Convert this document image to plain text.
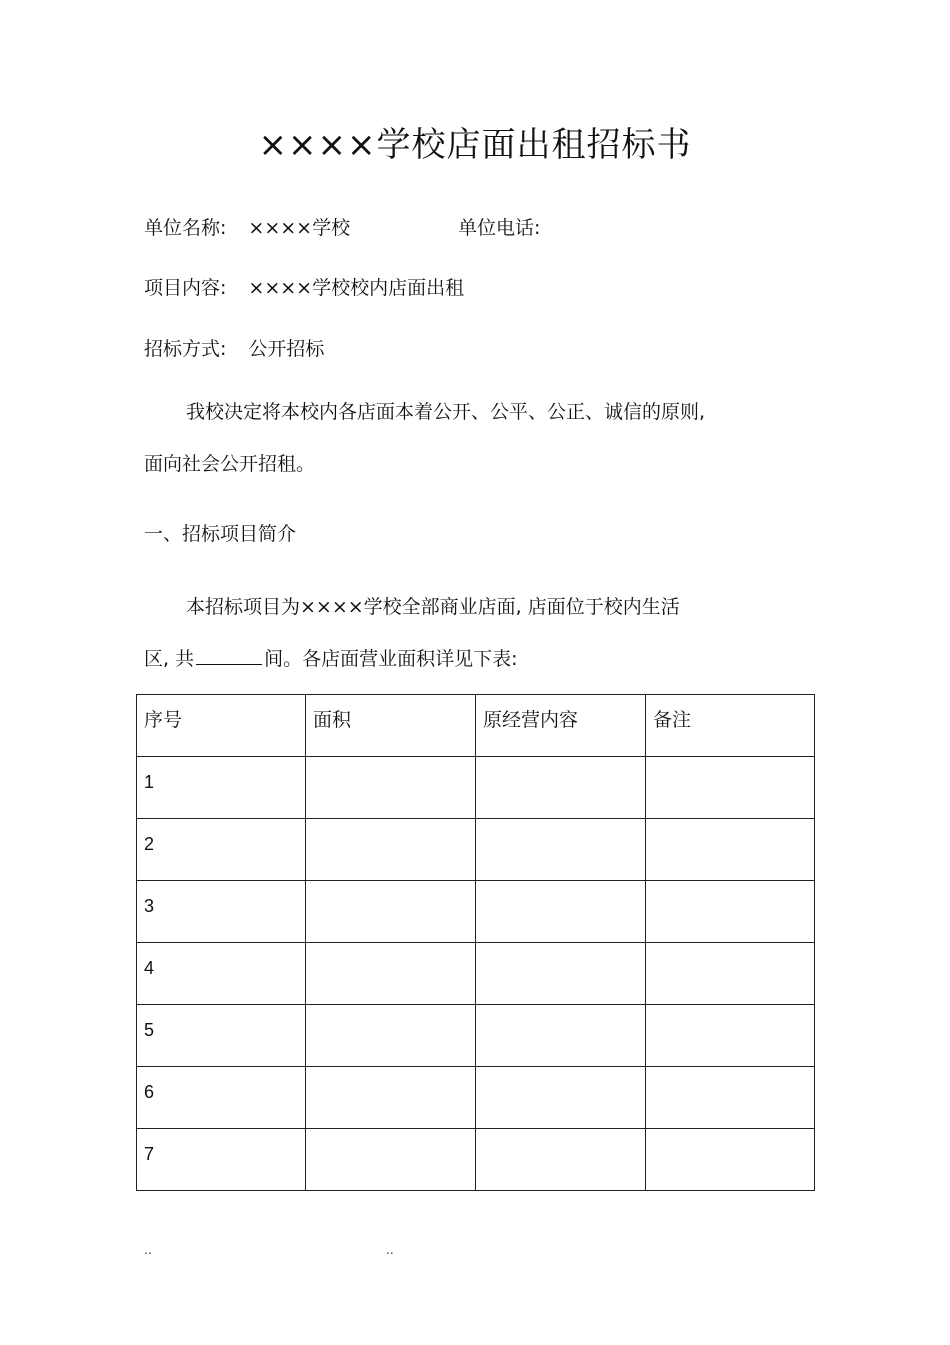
××××学校店面出租招标书
单位名称: ××××学校	单位电话:
项目内容: ××××学校校内店面出租
招标方式: 公开招标
我校决定将本校内各店面本着公开、公平、公正、诚信的原则,
面向社会公开招租。
一、招标项目简介
本招标项目为××××学校全部商业店面, 店面位于校内生活
区, 共	间。各店面营业面积详见下表:
序号	面积	原经营内容	备注
1			
2			
3			
4			
5			
6			
7			
..	..
